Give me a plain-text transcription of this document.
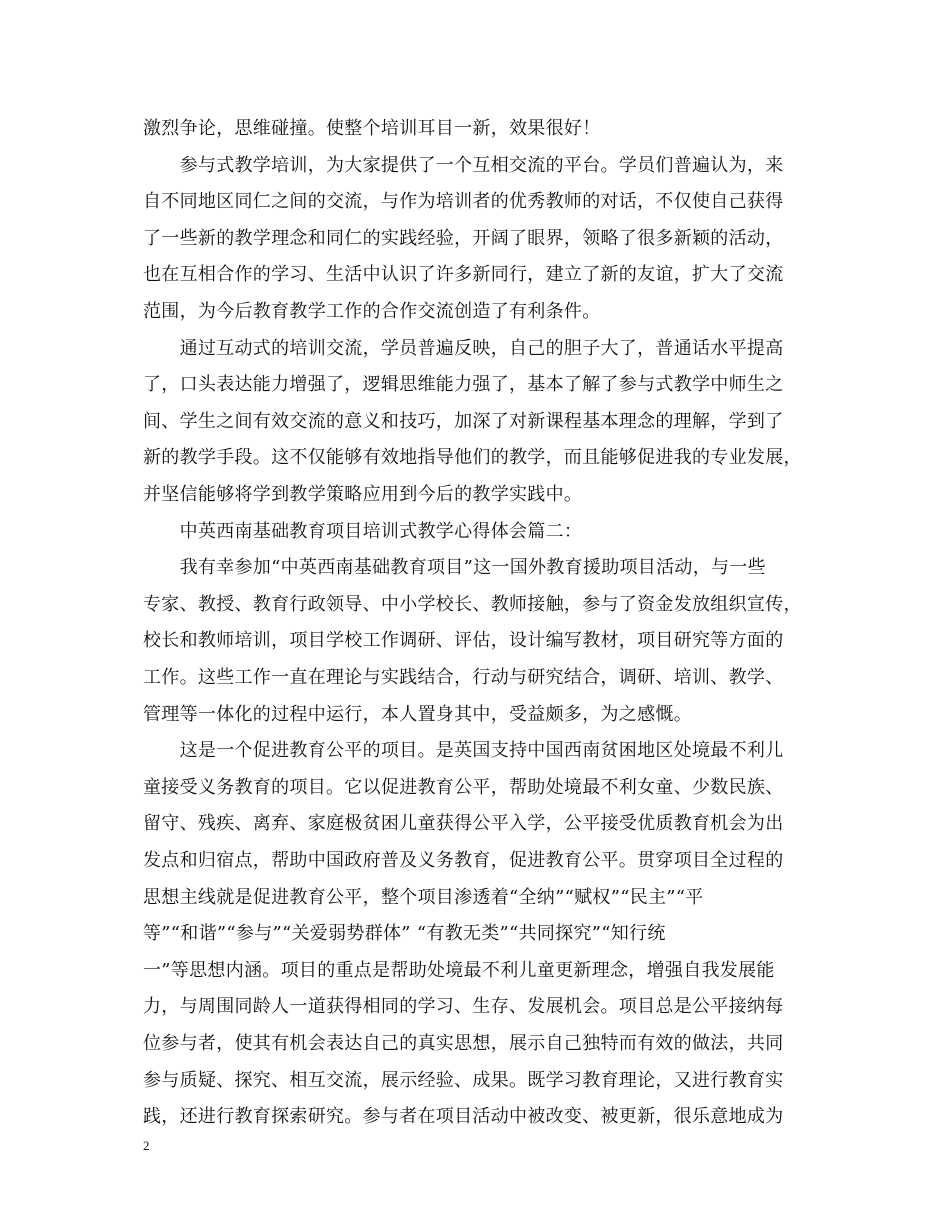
激烈争论，思维碰撞。使整个培训耳目一新，效果很好！
　　参与式教学培训，为大家提供了一个互相交流的平台。学员们普遍认为，来
自不同地区同仁之间的交流，与作为培训者的优秀教师的对话，不仅使自己获得
了一些新的教学理念和同仁的实践经验，开阔了眼界，领略了很多新颖的活动，
也在互相合作的学习、生活中认识了许多新同行，建立了新的友谊，扩大了交流
范围，为今后教育教学工作的合作交流创造了有利条件。
　　通过互动式的培训交流，学员普遍反映，自己的胆子大了，普通话水平提高
了，口头表达能力增强了，逻辑思维能力强了，基本了解了参与式教学中师生之
间、学生之间有效交流的意义和技巧，加深了对新课程基本理念的理解，学到了
新的教学手段。这不仅能够有效地指导他们的教学，而且能够促进我的专业发展，
并坚信能够将学到教学策略应用到今后的教学实践中。
　　中英西南基础教育项目培训式教学心得体会篇二：
　　我有幸参加“中英西南基础教育项目”这一国外教育援助项目活动，与一些
专家、教授、教育行政领导、中小学校长、教师接触，参与了资金发放组织宣传，
校长和教师培训，项目学校工作调研、评估，设计编写教材，项目研究等方面的
工作。这些工作一直在理论与实践结合，行动与研究结合，调研、培训、教学、
管理等一体化的过程中运行，本人置身其中，受益颇多，为之感慨。
　　这是一个促进教育公平的项目。是英国支持中国西南贫困地区处境最不利儿
童接受义务教育的项目。它以促进教育公平，帮助处境最不利女童、少数民族、
留守、残疾、离弃、家庭极贫困儿童获得公平入学，公平接受优质教育机会为出
发点和归宿点，帮助中国政府普及义务教育，促进教育公平。贯穿项目全过程的
思想主线就是促进教育公平，整个项目渗透着“全纳”“赋权”“民主”“平
等”“和谐”“参与”“关爱弱势群体” “有教无类”“共同探究”“知行统
一”等思想内涵。项目的重点是帮助处境最不利儿童更新理念，增强自我发展能
力，与周围同龄人一道获得相同的学习、生存、发展机会。项目总是公平接纳每
位参与者，使其有机会表达自己的真实思想，展示自己独特而有效的做法，共同
参与质疑、探究、相互交流，展示经验、成果。既学习教育理论，又进行教育实
践，还进行教育探索研究。参与者在项目活动中被改变、被更新，很乐意地成为
2
